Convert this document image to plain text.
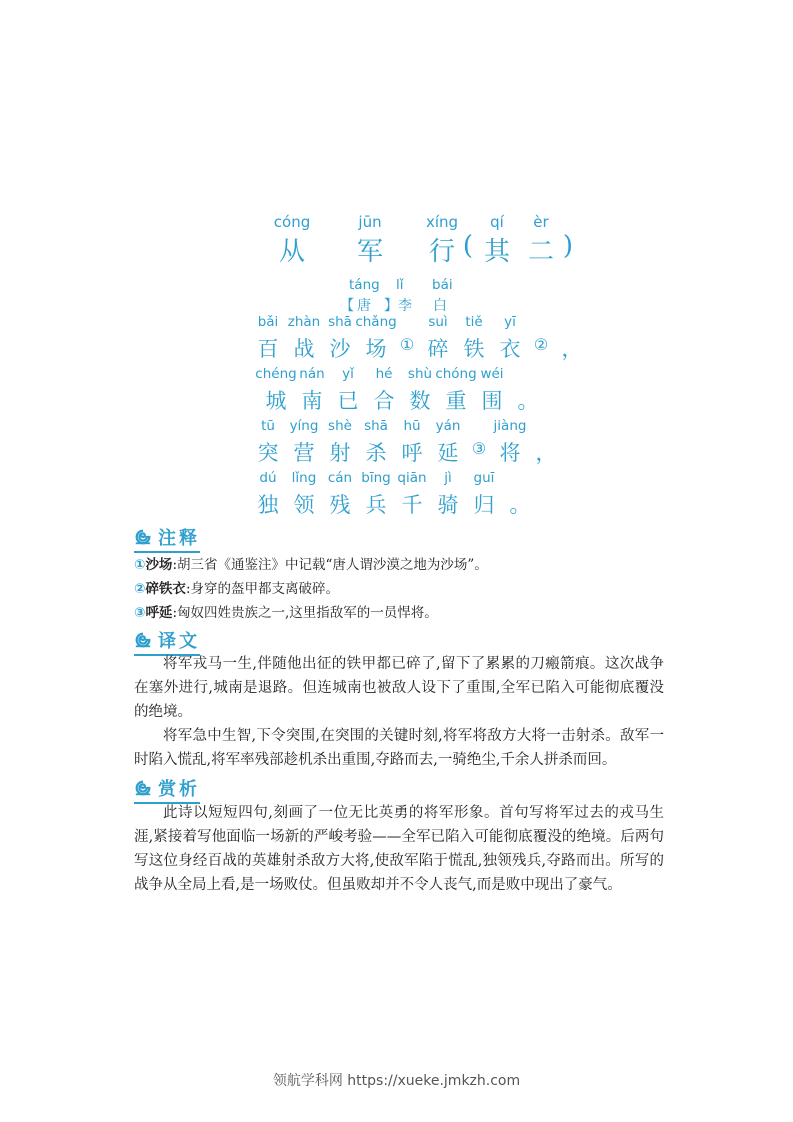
cóng
从
jūn
军
xíng
行
(
qí
其
èr
二
)
táng lǐ bái
【 唐 】李 白
bǎi
百
zhàn
战
shā
沙
chǎng
场 ①
suì
碎
tiě
铁
yī
衣 ② ，
chéng
城
nán
南
yǐ
已
hé
合
shù
数
chóng
重
wéi
围 。
tū
突
yíng
营
shè
射
shā
杀
hū
呼
yán
延 ③
jiàng
将 ，
dú
独
lǐng
领
cán
残
bīng
兵
qiān
千
jì
骑
guī
归 。
注释
①沙场:胡三省《通鉴注》中记载“唐人谓沙漠之地为沙场”。
②碎铁衣:身穿的盔甲都支离破碎。
③呼延:匈奴四姓贵族之一,这里指敌军的一员悍将。
译文

将军戎马一生,伴随他出征的铁甲都已碎了,留下了累累的刀瘢箭痕。这次战争在塞外进行,城南是退路。但连城南也被敌人设下了重围,全军已陷入可能彻底覆没的绝境。

将军急中生智,下令突围,在突围的关键时刻,将军将敌方大将一击射杀。敌军一时陷入慌乱,将军率残部趁机杀出重围,夺路而去,一骑绝尘,千余人拼杀而回。

赏析

此诗以短短四句,刻画了一位无比英勇的将军形象。首句写将军过去的戎马生涯,紧接着写他面临一场新的严峻考验——全军已陷入可能彻底覆没的绝境。后两句写这位身经百战的英雄射杀敌方大将,使敌军陷于慌乱,独领残兵,夺路而出。所写的战争从全局上看,是一场败仗。但虽败却并不令人丧气,而是败中现出了豪气。

领航学科网 https://xueke.jmkzh.com
